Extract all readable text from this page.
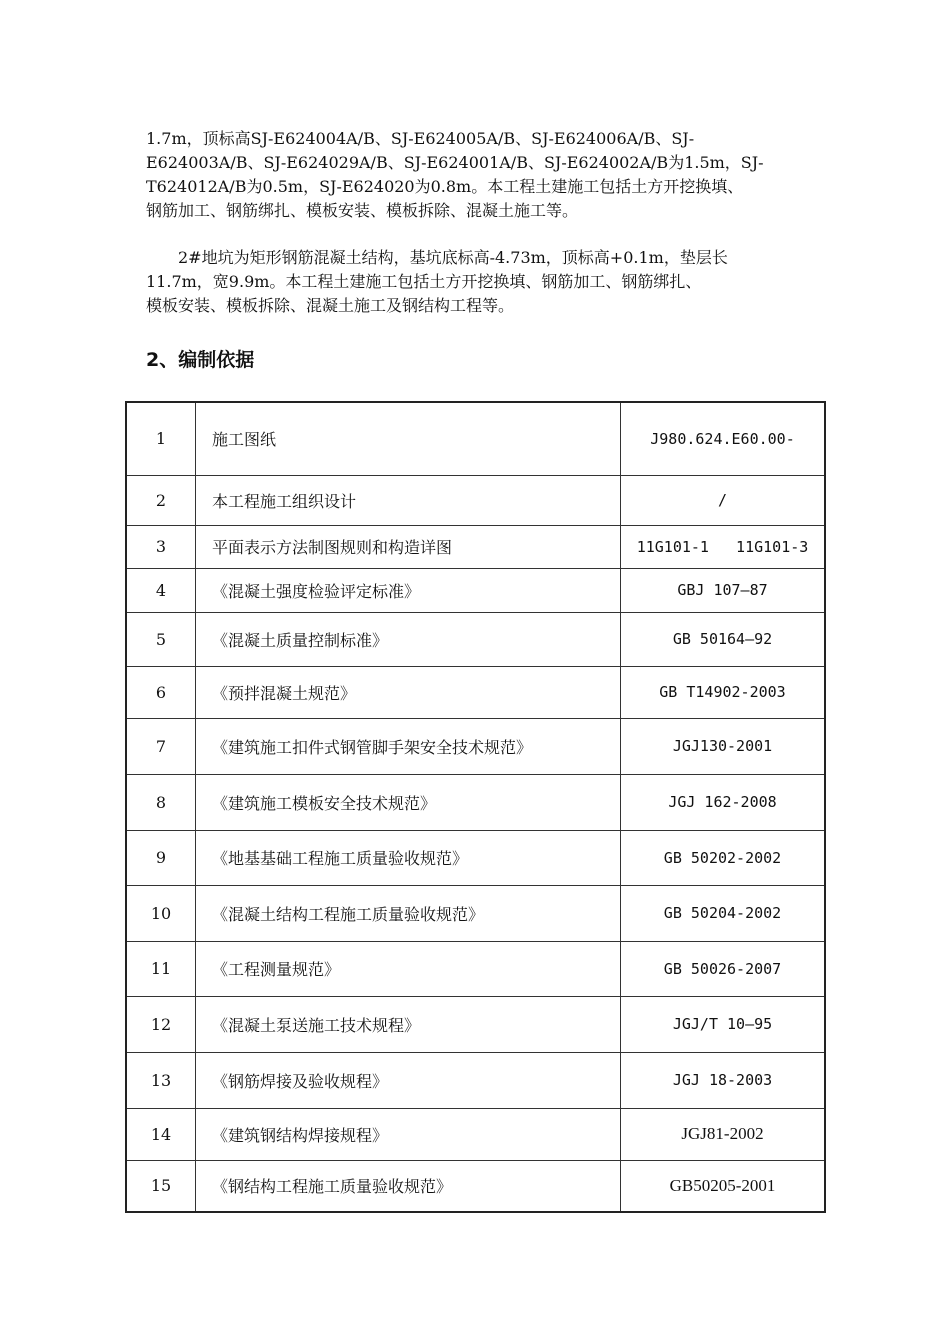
1.7m，顶标高SJ-E624004A/B、SJ-E624005A/B、SJ-E624006A/B、SJ-
E624003A/B、SJ-E624029A/B、SJ-E624001A/B、SJ-E624002A/B为1.5m，SJ-
T624012A/B为0.5m，SJ-E624020为0.8m。本工程土建施工包括土方开挖换填、
钢筋加工、钢筋绑扎、模板安装、模板拆除、混凝土施工等。

2#地坑为矩形钢筋混凝土结构，基坑底标高-4.73m，顶标高+0.1m，垫层长
11.7m，宽9.9m。本工程土建施工包括土方开挖换填、钢筋加工、钢筋绑扎、
模板安装、模板拆除、混凝土施工及钢结构工程等。

2、编制依据
1	施工图纸	J980.624.E60.00-
2	本工程施工组织设计	/
3	平面表示方法制图规则和构造详图	11G101-1   11G101-3
4	《混凝土强度检验评定标准》	GBJ 107—87
5	《混凝土质量控制标准》	GB 50164—92
6	《预拌混凝土规范》	GB T14902-2003
7	《建筑施工扣件式钢管脚手架安全技术规范》	JGJ130-2001
8	《建筑施工模板安全技术规范》	JGJ 162-2008
9	《地基基础工程施工质量验收规范》	GB 50202-2002
10	《混凝土结构工程施工质量验收规范》	GB 50204-2002
11	《工程测量规范》	GB 50026-2007
12	《混凝土泵送施工技术规程》	JGJ/T 10—95
13	《钢筋焊接及验收规程》	JGJ 18-2003
14	《建筑钢结构焊接规程》	JGJ81-2002
15	《钢结构工程施工质量验收规范》	GB50205-2001
